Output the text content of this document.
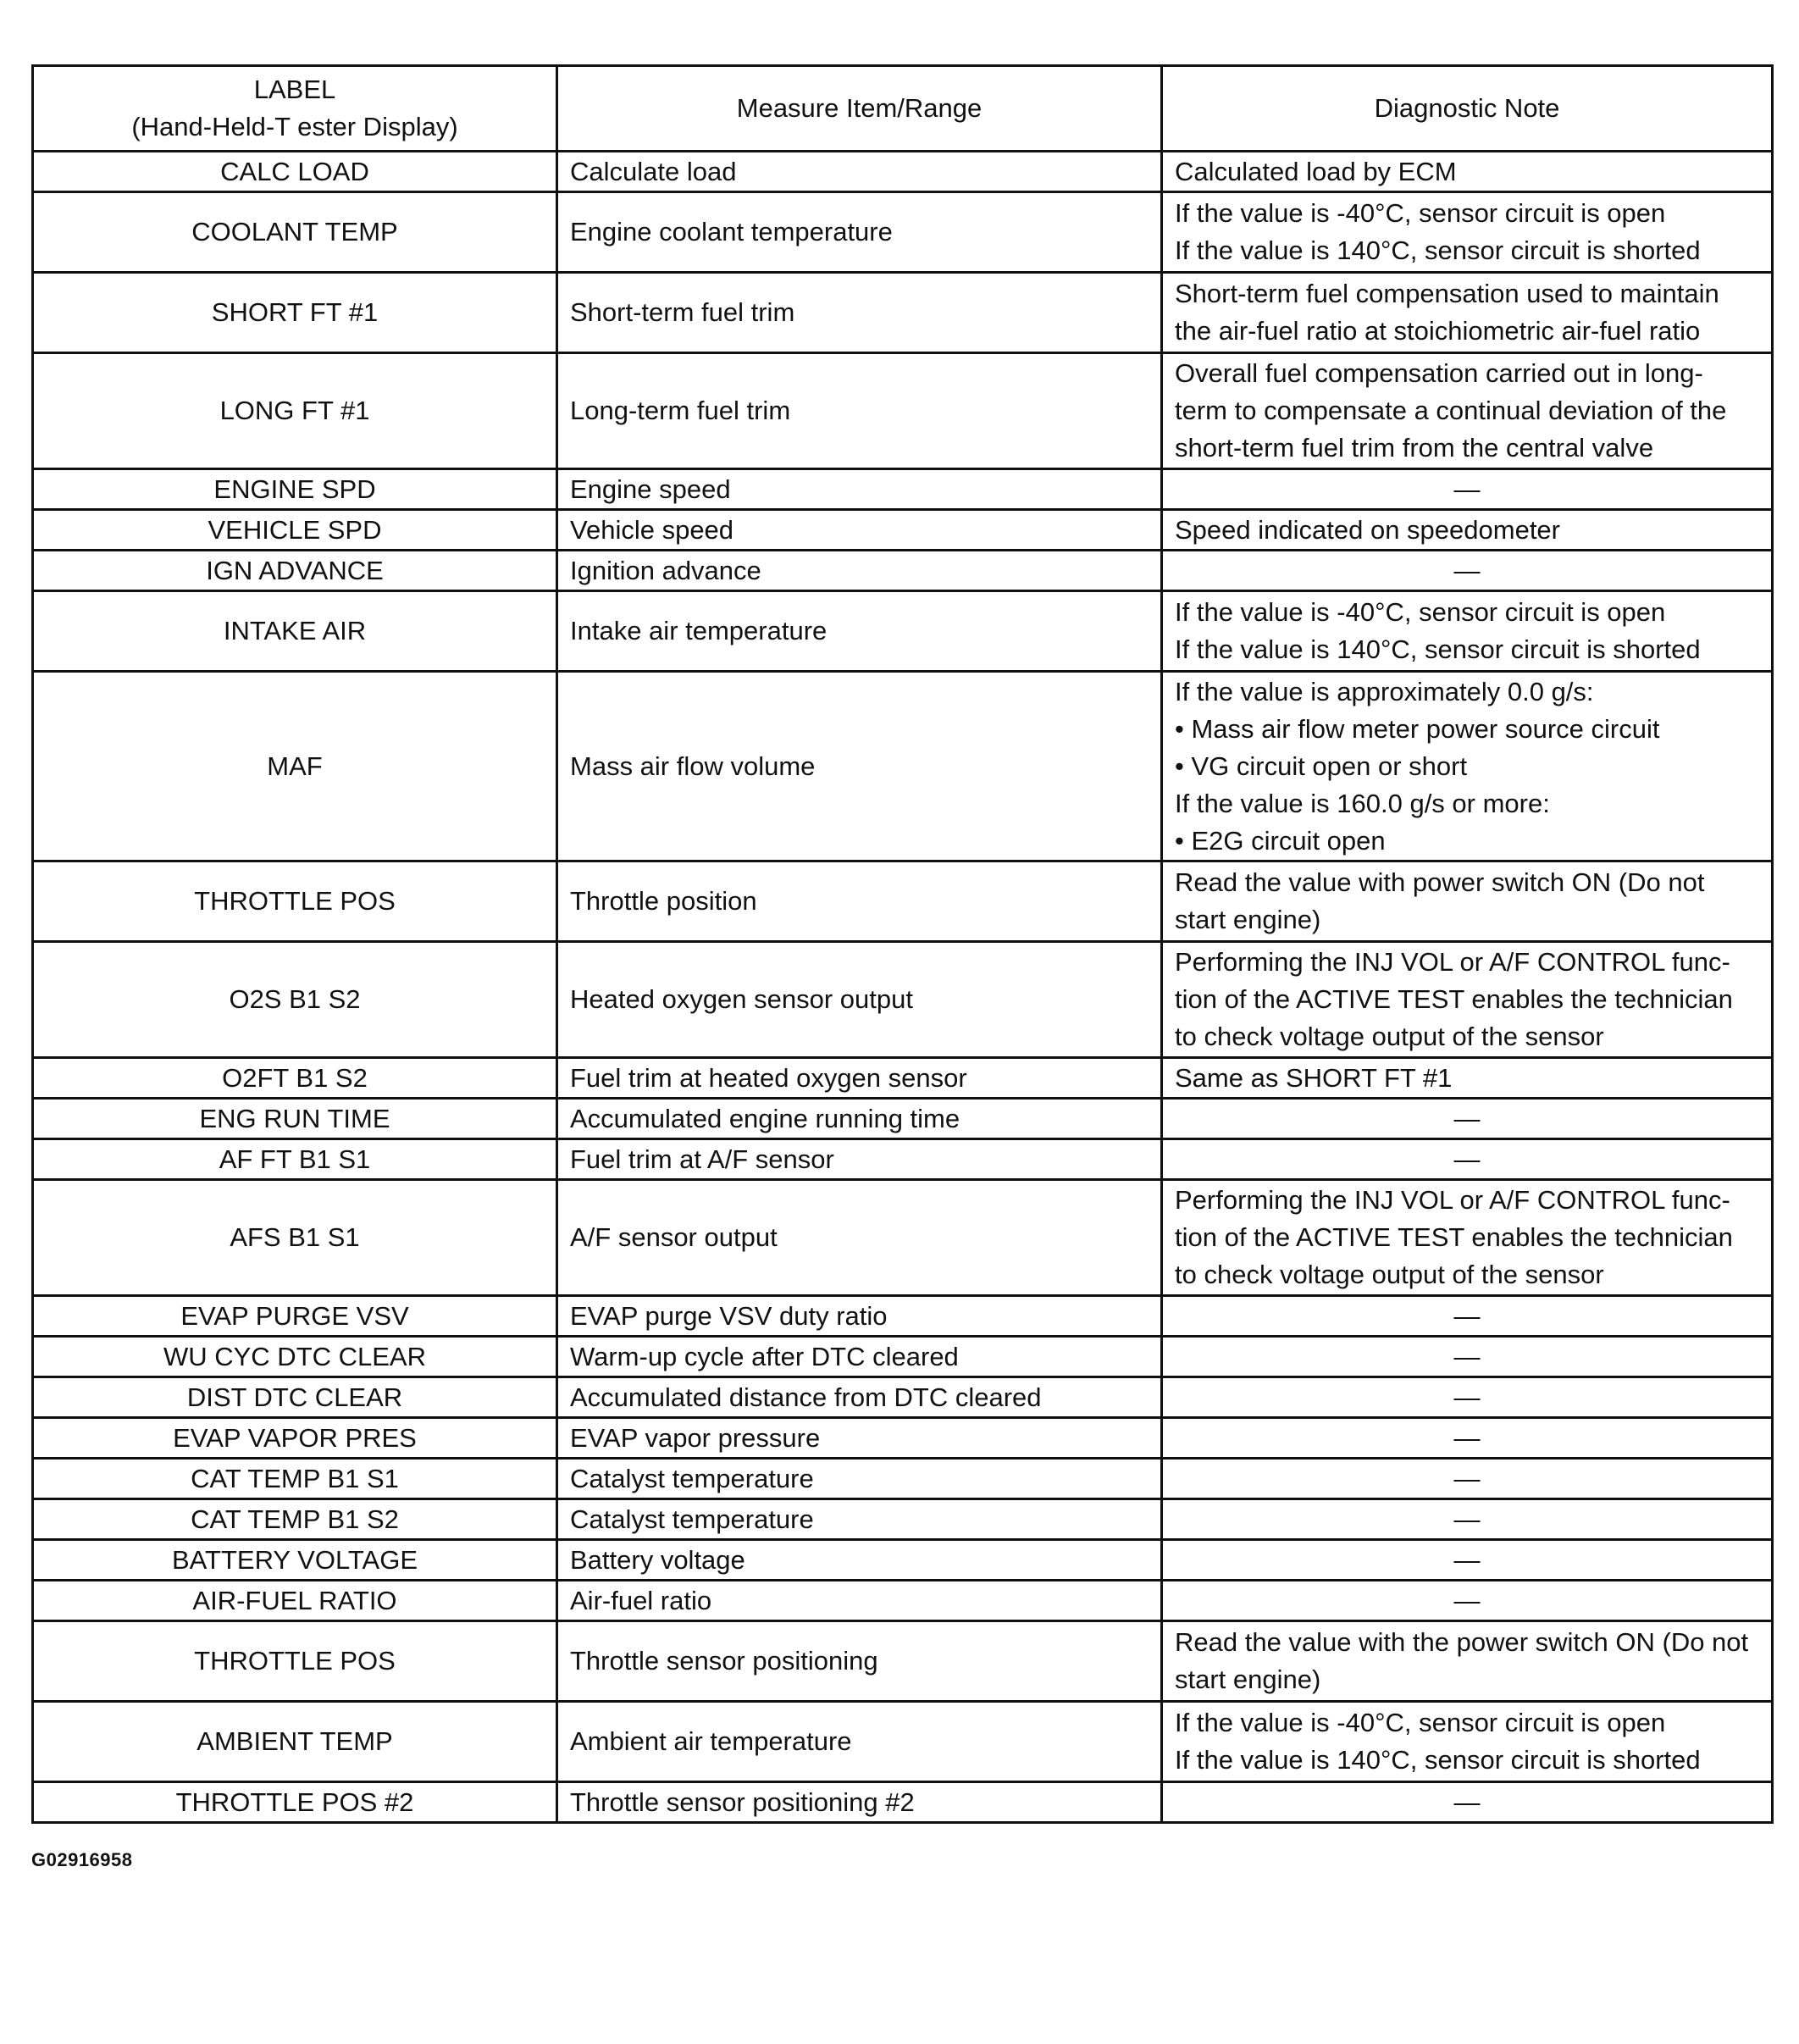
LABEL
(Hand-Held-T ester Display)	Measure Item/Range	Diagnostic Note
CALC LOAD	Calculate load	Calculated load by ECM

COOLANT TEMP	Engine coolant temperature	If the value is -40°C, sensor circuit is open
If the value is 140°C, sensor circuit is shorted

SHORT FT #1	Short-term fuel trim	Short-term fuel compensation used to maintain
the air-fuel ratio at stoichiometric air-fuel ratio

LONG FT #1	Long-term fuel trim	Overall fuel compensation carried out in long-
term to compensate a continual deviation of the
short-term fuel trim from the central valve

ENGINE SPD	Engine speed	—

VEHICLE SPD	Vehicle speed	Speed indicated on speedometer

IGN ADVANCE	Ignition advance	—

INTAKE AIR	Intake air temperature	If the value is -40°C, sensor circuit is open
If the value is 140°C, sensor circuit is shorted

MAF	Mass air flow volume	If the value is approximately 0.0 g/s:
• Mass air flow meter power source circuit
• VG circuit open or short
If the value is 160.0 g/s or more:
• E2G circuit open

THROTTLE POS	Throttle position	Read the value with power switch ON (Do not
start engine)

O2S B1 S2	Heated oxygen sensor output	Performing the INJ VOL or A/F CONTROL func-
tion of the ACTIVE TEST enables the technician
to check voltage output of the sensor

O2FT B1 S2	Fuel trim at heated oxygen sensor	Same as SHORT FT #1

ENG RUN TIME	Accumulated engine running time	—

AF FT B1 S1	Fuel trim at A/F sensor	—

AFS B1 S1	A/F sensor output	Performing the INJ VOL or A/F CONTROL func-
tion of the ACTIVE TEST enables the technician
to check voltage output of the sensor

EVAP PURGE VSV	EVAP purge VSV duty ratio	—

WU CYC DTC CLEAR	Warm-up cycle after DTC cleared	—

DIST DTC CLEAR	Accumulated distance from DTC cleared	—

EVAP VAPOR PRES	EVAP vapor pressure	—

CAT TEMP B1 S1	Catalyst temperature	—

CAT TEMP B1 S2	Catalyst temperature	—

BATTERY VOLTAGE	Battery voltage	—

AIR-FUEL RATIO	Air-fuel ratio	—

THROTTLE POS	Throttle sensor positioning	Read the value with the power switch ON (Do not
start engine)

AMBIENT TEMP	Ambient air temperature	If the value is -40°C, sensor circuit is open
If the value is 140°C, sensor circuit is shorted

THROTTLE POS #2	Throttle sensor positioning #2	—
G02916958
